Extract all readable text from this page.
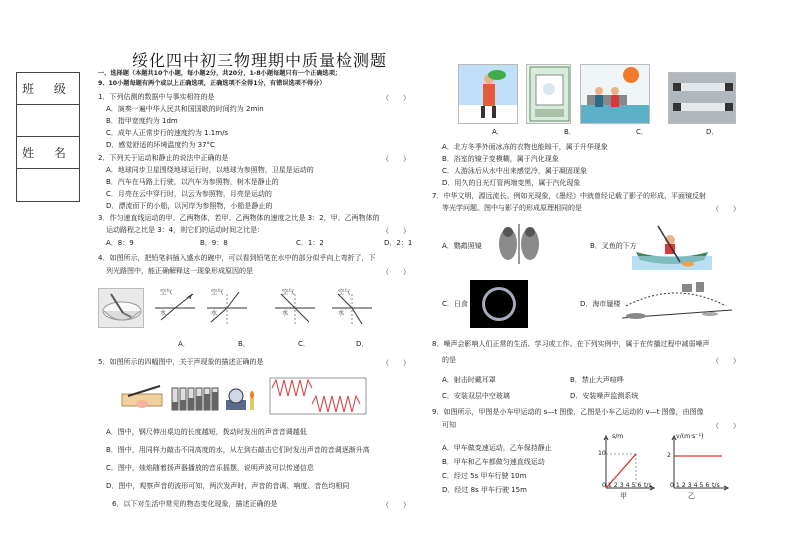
绥化四中初三物理期中质量检测题
班 级
姓 名
一、选择题（本题共10个小题，每小题2分，共20分，1-8小题每题只有一个正确选项；
9、10小题每题有两个或以上正确选项，正确选项不全得1分，有错误选项不得分）
1．下列估测的数据中与事实相符的是	（　　）
A．演奏一遍中华人民共和国国歌的时间约为 2min
B．指甲宽度约为 1dm
C．成年人正常步行的速度约为 1.1m/s
D．感觉舒适的环境温度约为 37°C
2．下列关于运动和静止的说法中正确的是	（　　）
A．地球同步卫星围绕地球运行时，以地球为参照物，卫星是运动的
B．汽车在马路上行驶，以汽车为参照物，树木是静止的
C．月亮在云中穿行时，以云为参照物，月亮是运动的
D．漂流而下的小船，以河岸为参照物，小船是静止的
3．作匀速直线运动的甲、乙两物体，若甲、乙两物体的速度之比是 3：2，甲、乙两物体的
运动路程之比是 3：4，则它们的运动时间之比是：	（　　）
A．8：9	B．9：8	C．1：2	D．2：1
4．如图所示，把铅笔斜插入盛水的碗中，可以看到铅笔在水中的部分似乎向上弯折了，下
列光路图中，能正确解释这一现象形成原因的是	（　　）
空气
水
空气
水
空气
水
空气
水
A．	B．	C．	D．
5．如图所示的四幅图中，关于声现象的描述正确的是	（　　）
A．图中，钢尺伸出桌边的长度越短，拨动时发出的声音音调越低
B．图中，用同样力敲击不同高度的水，从左到右敲击它们时发出声音的音调逐渐升高
C．图中，烛焰随着扬声器播放的音乐摇摆，说明声波可以传递信息
D．图中，观察声音的波形可知，两次发声时，声音的音调、响度、音色均相同
6．以下对生活中常见的物态变化现象，描述正确的是	（　　）
A．	B．	C．	D．
A．北方冬季外面冰冻的衣物也能晾干，属于升华现象
B．浴室的镜子变模糊，属于汽化现象
C．人游泳后从水中出来感觉冷，属于凝固现象
D．用久的日光灯管两端变黑，属于汽化现象
7．中华文明，源远流长。例如光现象，《墨经》中就曾经记载了影子的形成、平面镜反射
等光学问题。图中与影子的形成原理相同的是	（　　）
A．鹦鹉照镜	B．叉鱼的下方
C．日食	D．海市蜃楼
8．噪声会影响人们正常的生活、学习或工作。在下列实例中，属于在传播过程中减弱噪声
的是	（　　）
A．射击时戴耳罩	B．禁止大声喧哗
C．安装双层中空玻璃	D．安装噪声监测系统
9．如图所示，甲图是小车甲运动的 s—t 图像，乙图是小车乙运动的 v—t 图像，由图像
可知	（　　）
A．甲车做变速运动，乙车保持静止
B．甲车和乙车都做匀速直线运动
C．经过 5s 甲车行驶 10m
D．经过 8s 甲车行驶 15m
s/m
10
0 1 2 3 4 5 6 t/s
甲
v/(m·s⁻¹)
2
0 1 2 3 4 5 6 t/s
乙
